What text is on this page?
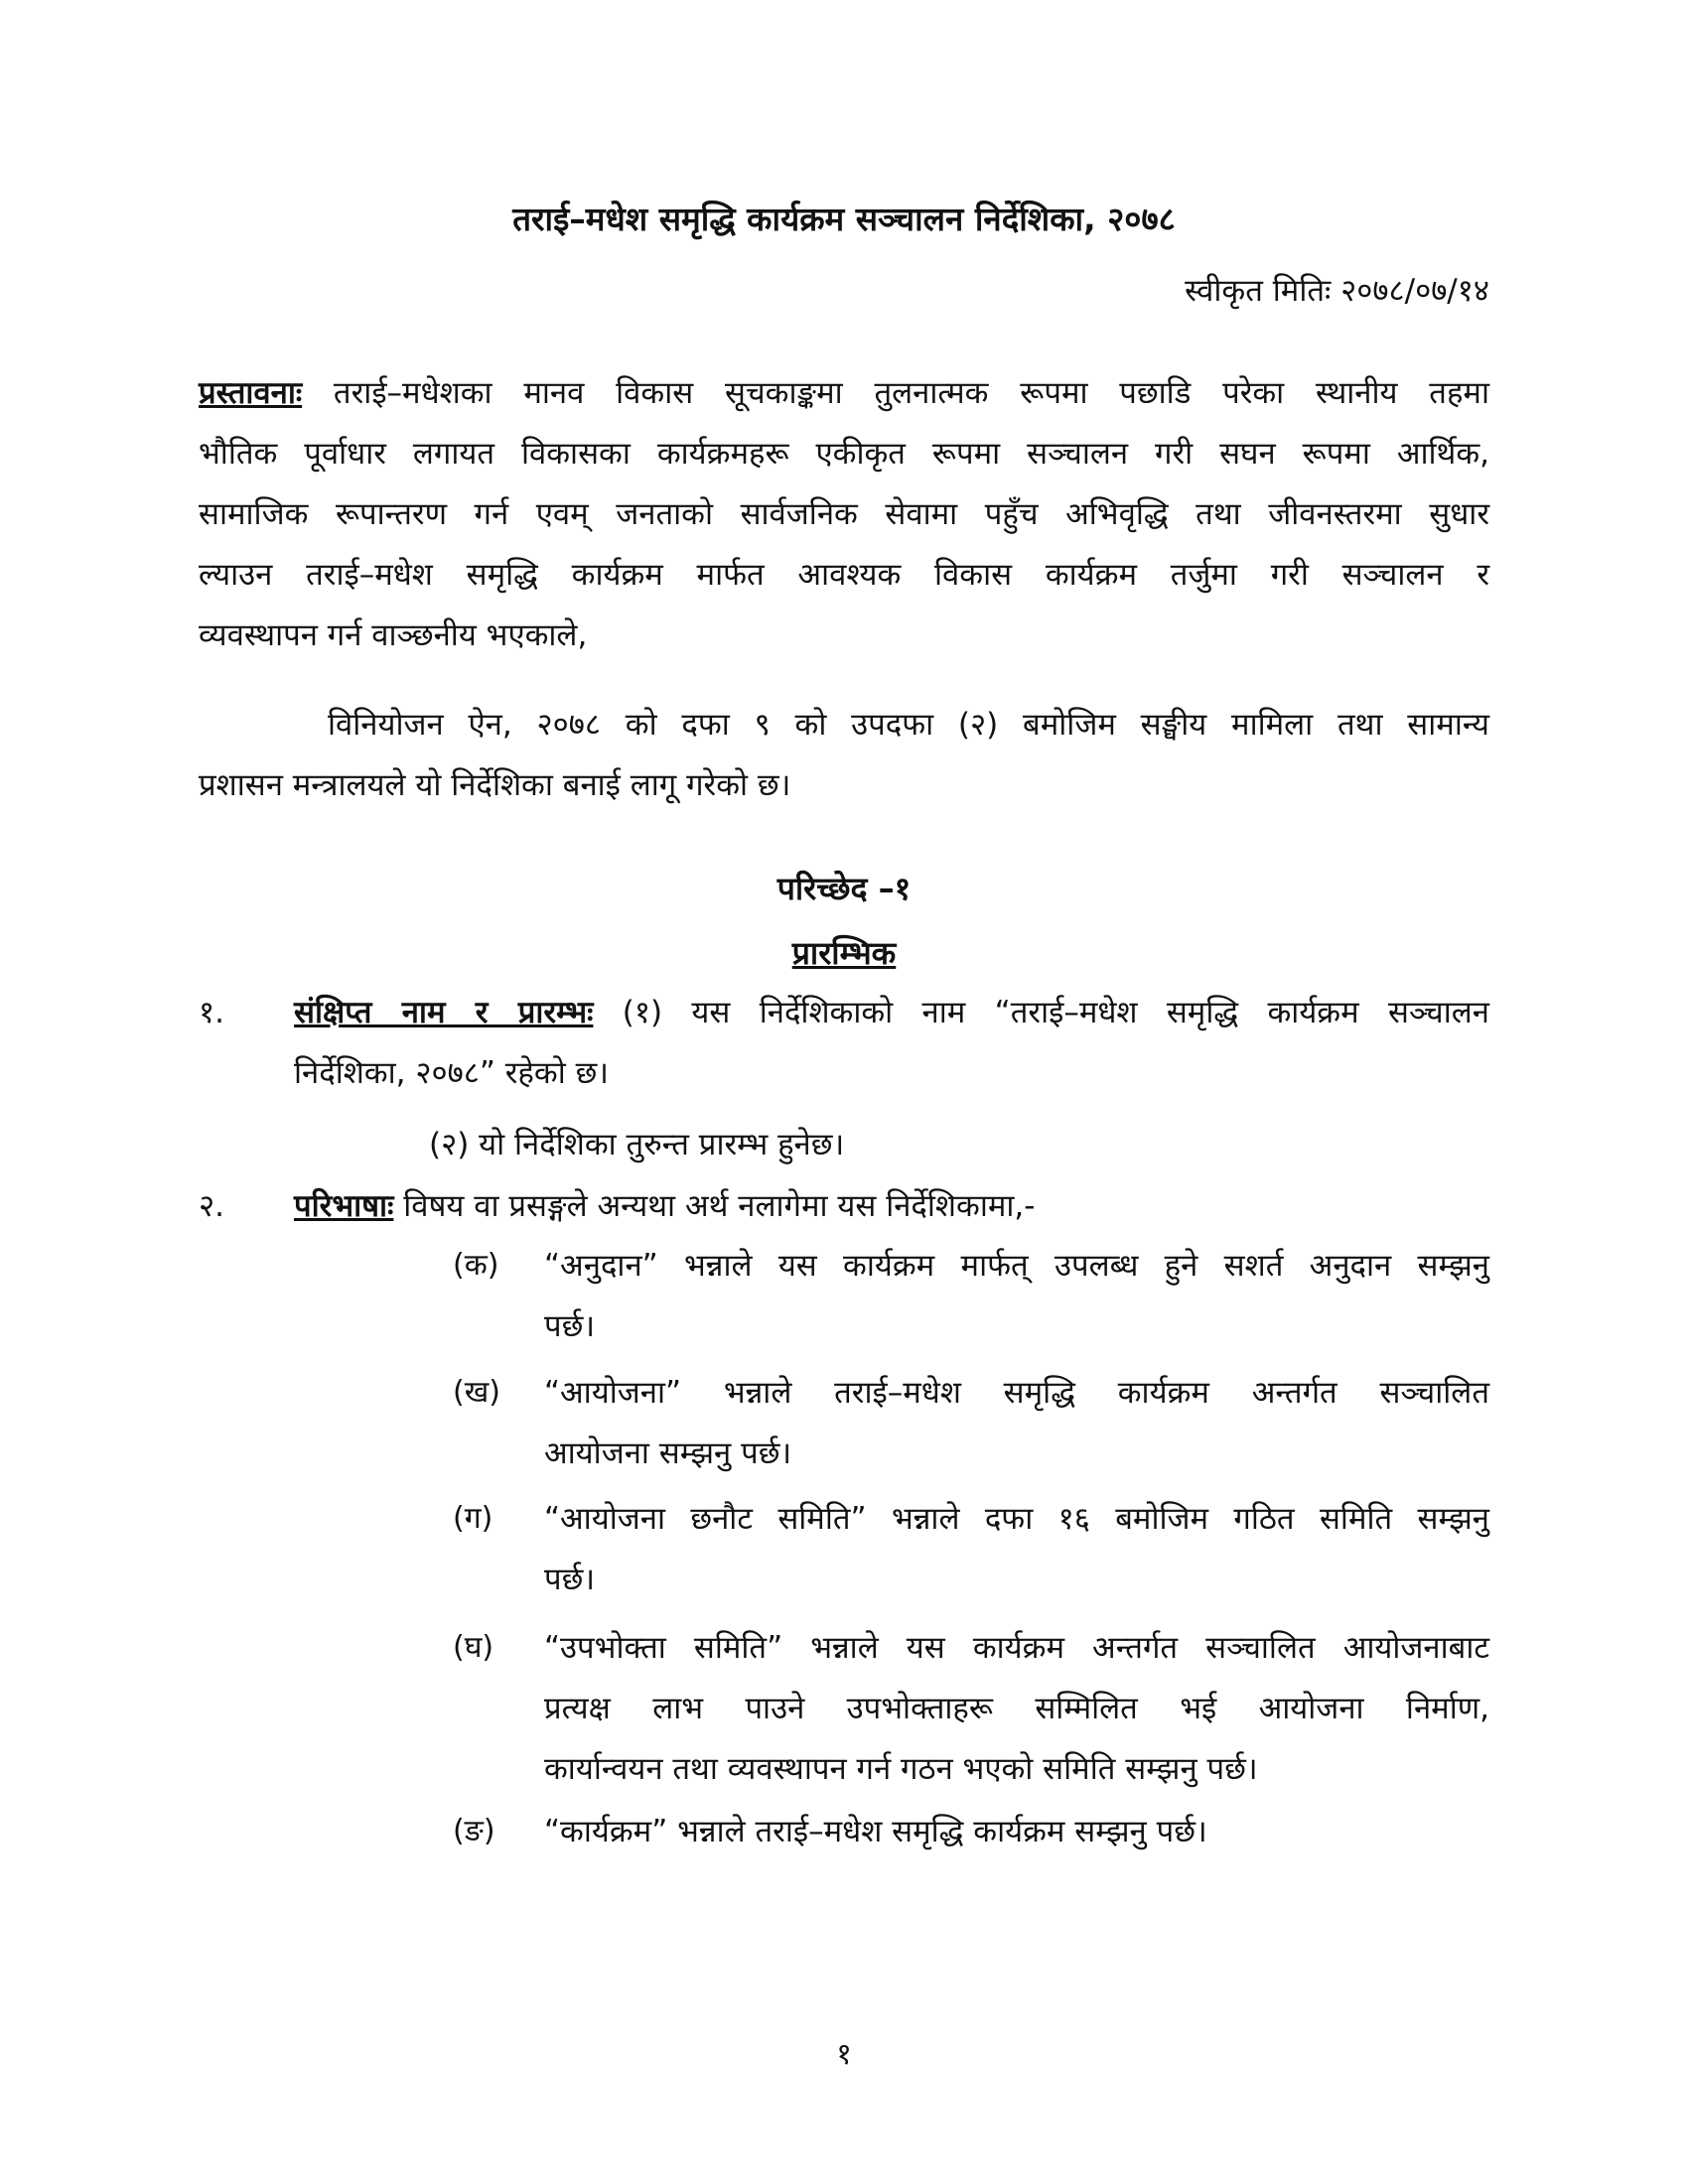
तराई–मधेश समृद्धि कार्यक्रम सञ्चालन निर्देशिका, २०७८
स्वीकृत मितिः २०७८/०७/१४
प्रस्तावनाः तराई–मधेशका मानव विकास सूचकाङ्कमा तुलनात्मक रूपमा पछाडि परेका स्थानीय तहमा
भौतिक पूर्वाधार लगायत विकासका कार्यक्रमहरू एकीकृत रूपमा सञ्चालन गरी सघन रूपमा आर्थिक,
सामाजिक रूपान्तरण गर्न एवम् जनताको सार्वजनिक सेवामा पहुँच अभिवृद्धि तथा जीवनस्तरमा सुधार
ल्याउन तराई–मधेश समृद्धि कार्यक्रम मार्फत आवश्यक विकास कार्यक्रम तर्जुमा गरी सञ्चालन र
व्यवस्थापन गर्न वाञ्छनीय भएकाले,
विनियोजन ऐन, २०७८ को दफा ९ को उपदफा (२) बमोजिम सङ्घीय मामिला तथा सामान्य
प्रशासन मन्त्रालयले यो निर्देशिका बनाई लागू गरेको छ।
परिच्छेद –१
प्रारम्भिक
१. संक्षिप्त नाम र प्रारम्भः (१) यस निर्देशिकाको नाम “तराई–मधेश समृद्धि कार्यक्रम सञ्चालन
निर्देशिका, २०७८” रहेको छ।
(२) यो निर्देशिका तुरुन्त प्रारम्भ हुनेछ।
२. परिभाषाः विषय वा प्रसङ्गले अन्यथा अर्थ नलागेमा यस निर्देशिकामा,-
(क) “अनुदान” भन्नाले यस कार्यक्रम मार्फत् उपलब्ध हुने सशर्त अनुदान सम्झनु
पर्छ।
(ख) “आयोजना” भन्नाले तराई–मधेश समृद्धि कार्यक्रम अन्तर्गत सञ्चालित
आयोजना सम्झनु पर्छ।
(ग) “आयोजना छनौट समिति” भन्नाले दफा १६ बमोजिम गठित समिति सम्झनु
पर्छ।
(घ) “उपभोक्ता समिति” भन्नाले यस कार्यक्रम अन्तर्गत सञ्चालित आयोजनाबाट
प्रत्यक्ष लाभ पाउने उपभोक्ताहरू सम्मिलित भई आयोजना निर्माण,
कार्यान्वयन तथा व्यवस्थापन गर्न गठन भएको समिति सम्झनु पर्छ।
(ङ) “कार्यक्रम” भन्नाले तराई–मधेश समृद्धि कार्यक्रम सम्झनु पर्छ।
१
